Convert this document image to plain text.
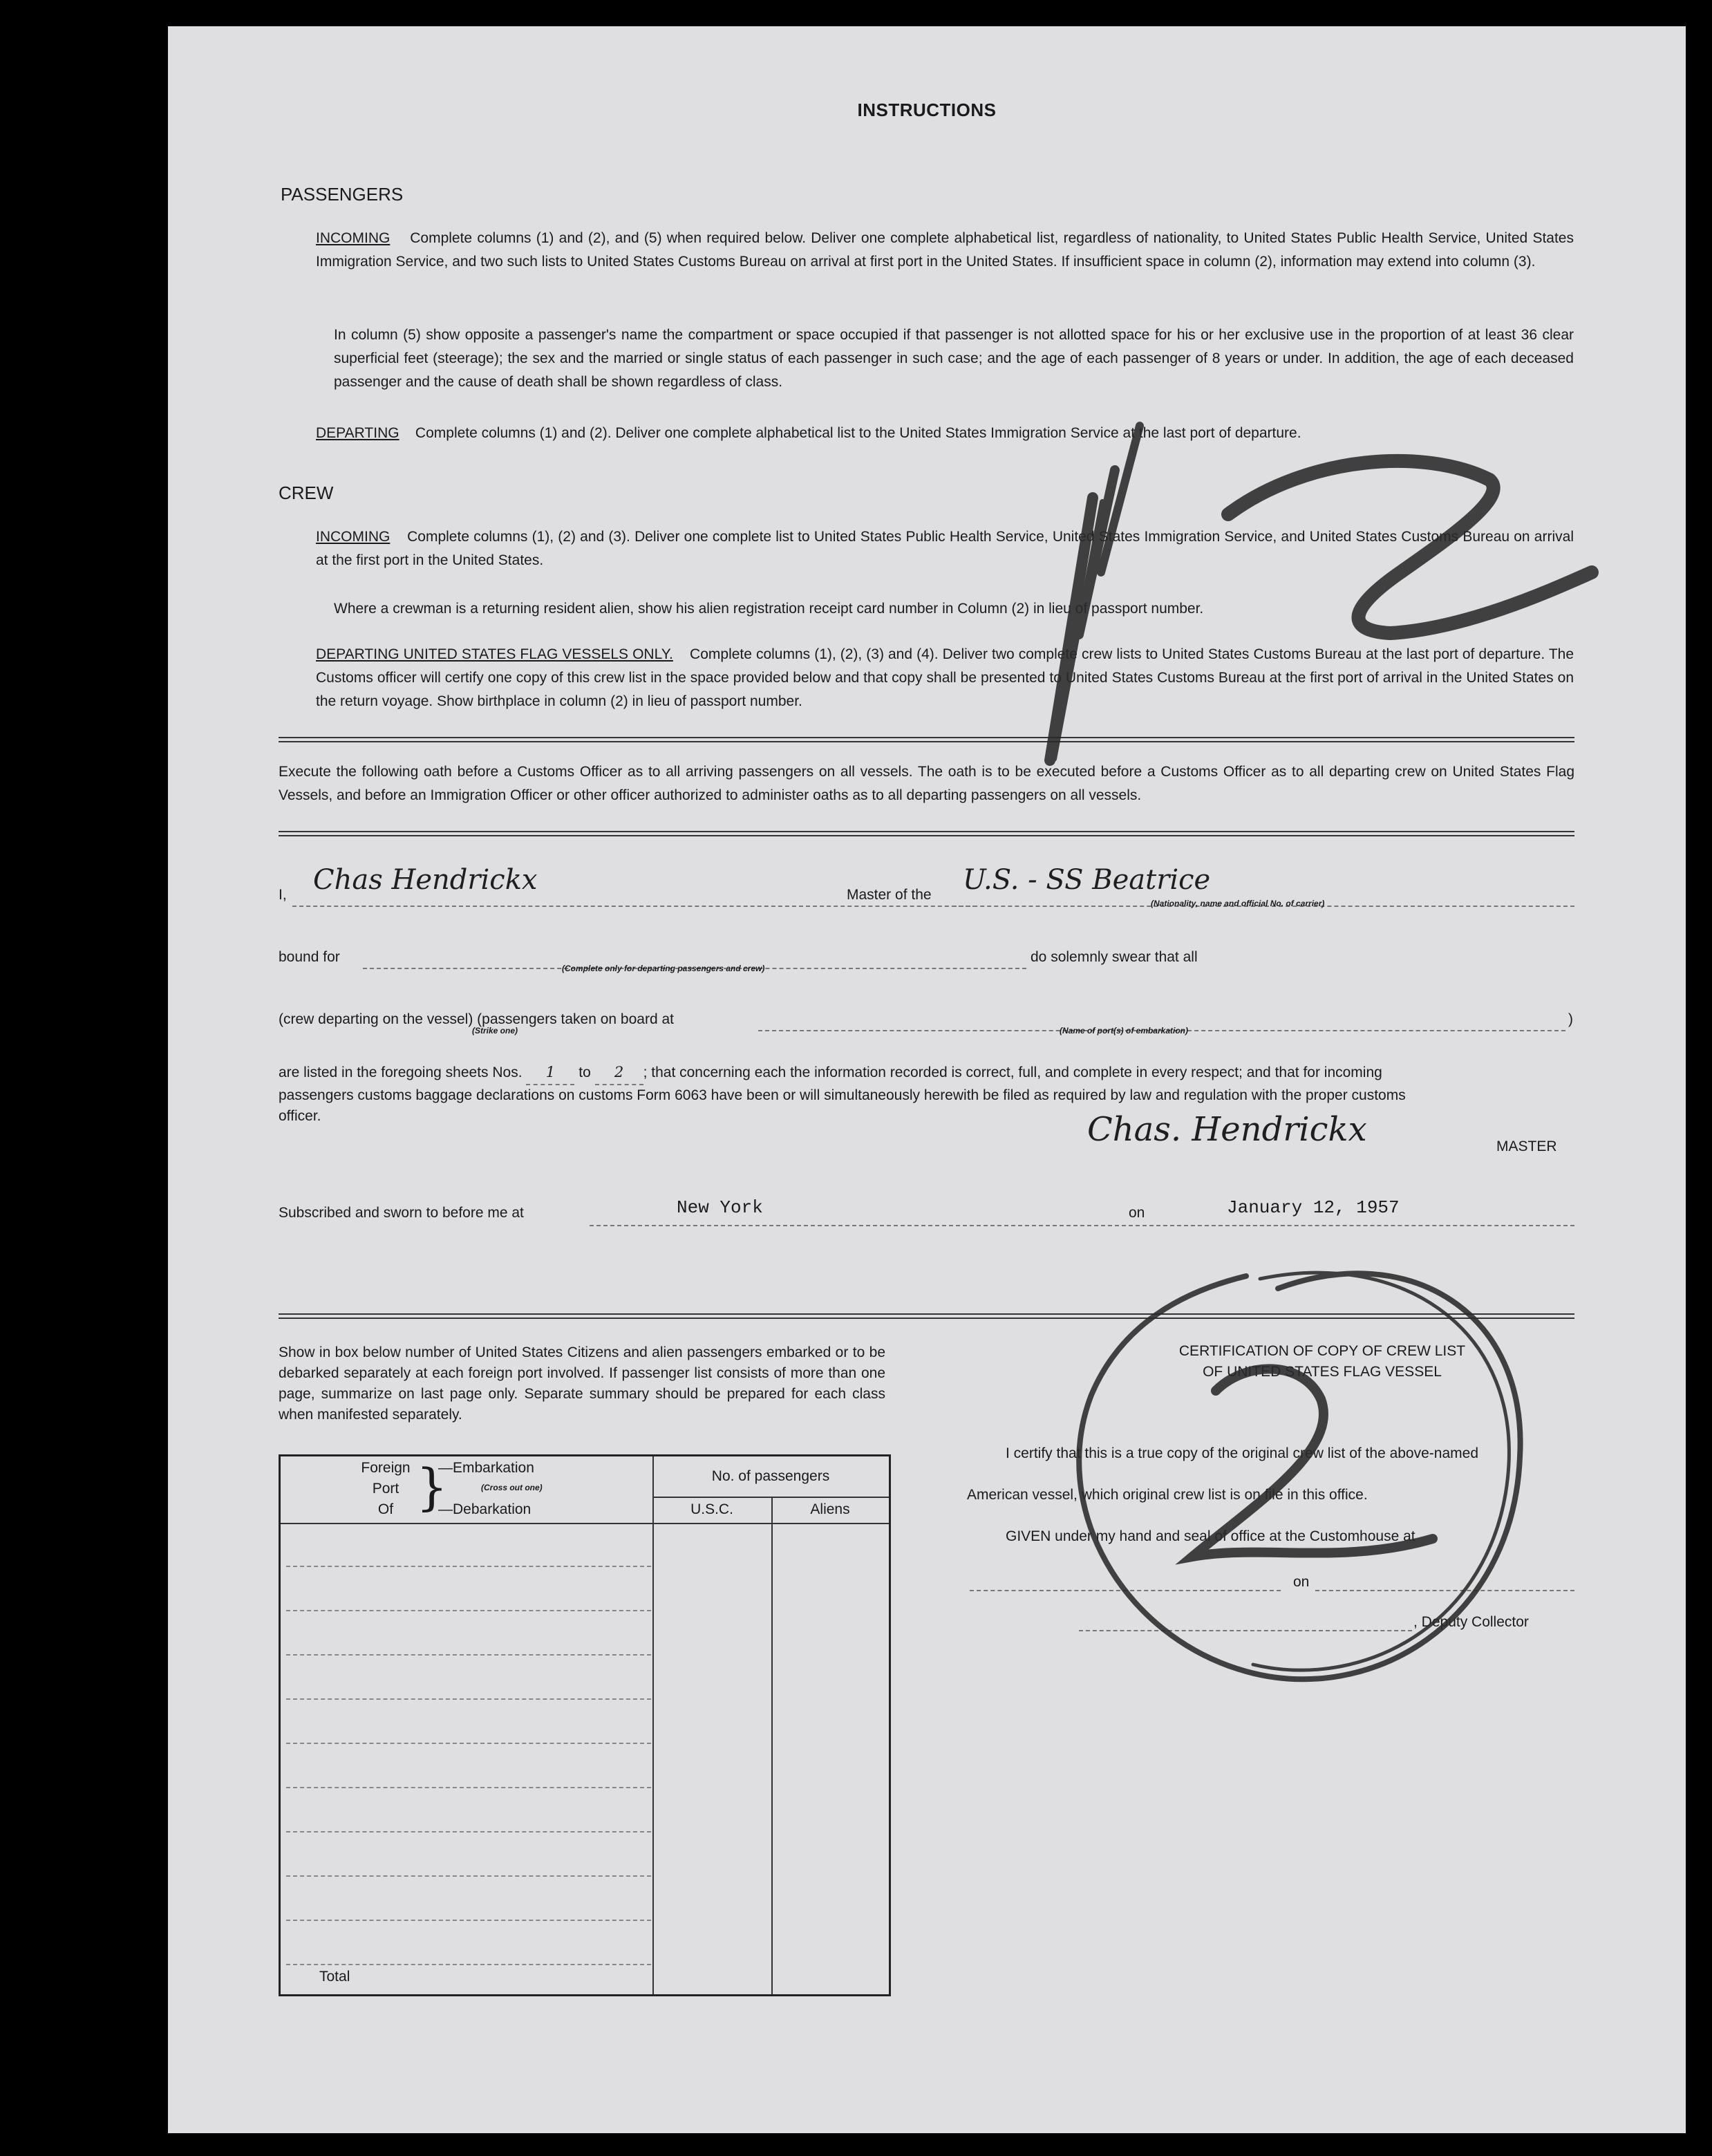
INSTRUCTIONS
PASSENGERS
INCOMING Complete columns (1) and (2), and (5) when required below. Deliver one complete alphabetical list, regardless of nationality, to United States Public Health Service, United States Immigration Service, and two such lists to United States Customs Bureau on arrival at first port in the United States. If insufficient space in column (2), information may extend into column (3).
In column (5) show opposite a passenger's name the compartment or space occupied if that passenger is not allotted space for his or her exclusive use in the proportion of at least 36 clear superficial feet (steerage); the sex and the married or single status of each passenger in such case; and the age of each passenger of 8 years or under. In addition, the age of each deceased passenger and the cause of death shall be shown regardless of class.
DEPARTING Complete columns (1) and (2). Deliver one complete alphabetical list to the United States Immigration Service at the last port of departure.
CREW
INCOMING Complete columns (1), (2) and (3). Deliver one complete list to United States Public Health Service, United States Immigration Service, and United States Customs Bureau on arrival at the first port in the United States.
Where a crewman is a returning resident alien, show his alien registration receipt card number in Column (2) in lieu of passport number.
DEPARTING UNITED STATES FLAG VESSELS ONLY. Complete columns (1), (2), (3) and (4). Deliver two complete crew lists to United States Customs Bureau at the last port of departure. The Customs officer will certify one copy of this crew list in the space provided below and that copy shall be presented to United States Customs Bureau at the first port of arrival in the United States on the return voyage. Show birthplace in column (2) in lieu of passport number.
Execute the following oath before a Customs Officer as to all arriving passengers on all vessels. The oath is to be executed before a Customs Officer as to all departing crew on United States Flag Vessels, and before an Immigration Officer or other officer authorized to administer oaths as to all departing passengers on all vessels.
I, Chas Hendrickx	Master of the U.S. - SS Beatrice
(Nationality, name and official No. of carrier)
bound for
(Complete only for departing passengers and crew)
do solemnly swear that all
(crew departing on the vessel) (passengers taken on board at
(Strike one)	(Name of port(s) of embarkation)
)
are listed in the foregoing sheets Nos. 1 to 2 ; that concerning each the information recorded is correct, full, and complete in every respect; and that for incoming
passengers customs baggage declarations on customs Form 6063 have been or will simultaneously herewith be filed as required by law and regulation with the proper customs
officer.	Chas. Hendrickx	MASTER
Subscribed and sworn to before me at	New York	on	January 12, 1957
Show in box below number of United States Citizens and alien passengers embarked or to be debarked separately at each foreign port involved. If passenger list consists of more than one page, summarize on last page only. Separate summary should be prepared for each class when manifested separately.
Foreign
Port
Of }
—Embarkation
(Cross out one)
—Debarkation
No. of passengers
U.S.C.	Aliens
Total
CERTIFICATION OF COPY OF CREW LIST
OF UNITED STATES FLAG VESSEL
I certify that this is a true copy of the original crew list of the above-named
American vessel, which original crew list is on file in this office.
GIVEN under my hand and seal of office at the Customhouse at
on
, Deputy Collector
